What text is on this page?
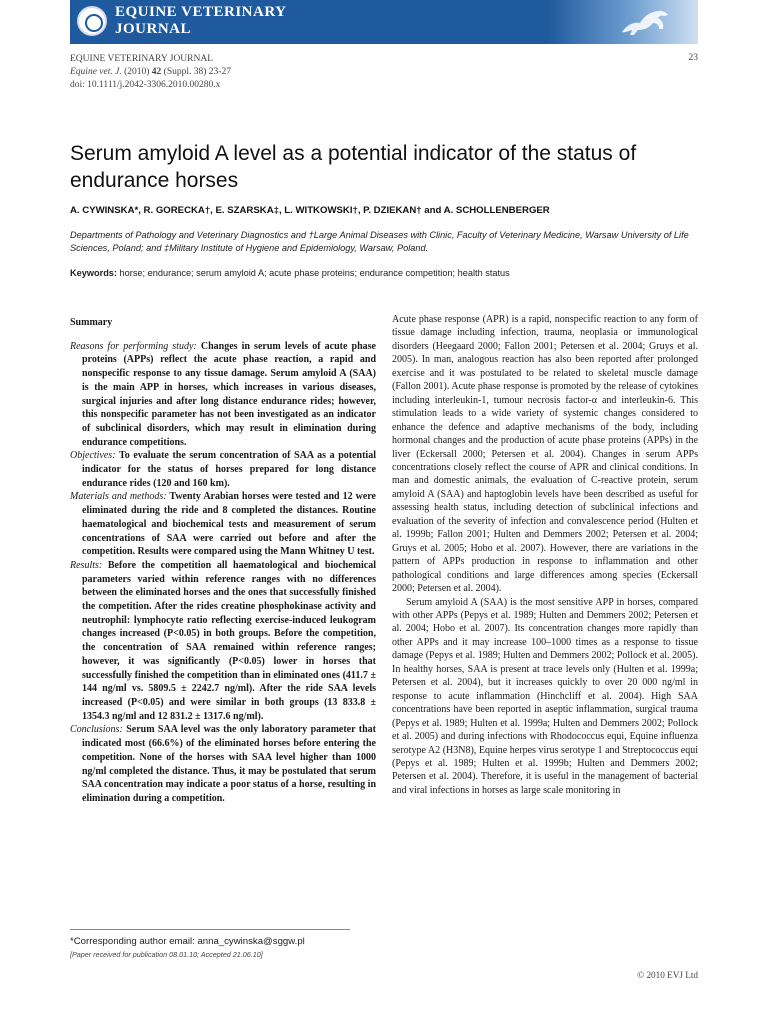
EQUINE VETERINARY
JOURNAL
EQUINE VETERINARY JOURNAL
Equine vet. J. (2010) 42 (Suppl. 38) 23-27
doi: 10.1111/j.2042-3306.2010.00280.x
23
Serum amyloid A level as a potential indicator of the status of endurance horses
A. CYWINSKA*, R. GORECKA†, E. SZARSKA‡, L. WITKOWSKI†, P. DZIEKAN† and A. SCHOLLENBERGER
Departments of Pathology and Veterinary Diagnostics and †Large Animal Diseases with Clinic, Faculty of Veterinary Medicine, Warsaw University of Life Sciences, Poland; and ‡Military Institute of Hygiene and Epidemiology, Warsaw, Poland.
Keywords: horse; endurance; serum amyloid A; acute phase proteins; endurance competition; health status
Summary

Reasons for performing study: Changes in serum levels of acute phase proteins (APPs) reflect the acute phase reaction, a rapid and nonspecific response to any tissue damage. Serum amyloid A (SAA) is the main APP in horses, which increases in various diseases, surgical injuries and after long distance endurance rides; however, this nonspecific parameter has not been investigated as an indicator of subclinical disorders, which may result in elimination during endurance competitions.

Objectives: To evaluate the serum concentration of SAA as a potential indicator for the status of horses prepared for long distance endurance rides (120 and 160 km).

Materials and methods: Twenty Arabian horses were tested and 12 were eliminated during the ride and 8 completed the distances. Routine haematological and biochemical tests and measurement of serum concentrations of SAA were carried out before and after the competition. Results were compared using the Mann Whitney U test.

Results: Before the competition all haematological and biochemical parameters varied within reference ranges with no differences between the eliminated horses and the ones that successfully finished the competition. After the rides creatine phosphokinase activity and neutrophil: lymphocyte ratio reflecting exercise-induced leukogram changes increased (P<0.05) in both groups. Before the competition, the concentration of SAA remained within reference ranges; however, it was significantly (P<0.05) lower in horses that successfully finished the competition than in eliminated ones (411.7 ± 144 ng/ml vs. 5809.5 ± 2242.7 ng/ml). After the ride SAA levels increased (P<0.05) and were similar in both groups (13 833.8 ± 1354.3 ng/ml and 12 831.2 ± 1317.6 ng/ml).

Conclusions: Serum SAA level was the only laboratory parameter that indicated most (66.6%) of the eliminated horses before entering the competition. None of the horses with SAA level higher than 1000 ng/ml completed the distance. Thus, it may be postulated that serum SAA concentration may indicate a poor status of a horse, resulting in elimination during a competition.

Acute phase response (APR) is a rapid, nonspecific reaction to any form of tissue damage including infection, trauma, neoplasia or immunological disorders (Heegaard 2000; Fallon 2001; Petersen et al. 2004; Gruys et al. 2005). In man, analogous reaction has also been reported after prolonged exercise and it was postulated to be related to skeletal muscle damage (Fallon 2001). Acute phase response is promoted by the release of cytokines including interleukin-1, tumour necrosis factor-α and interleukin-6. This stimulation leads to a wide variety of systemic changes considered to enhance the defence and adaptive mechanisms of the body, including hormonal changes and the production of acute phase proteins (APPs) in the liver (Eckersall 2000; Petersen et al. 2004). Changes in serum APPs concentrations closely reflect the course of APR and clinical conditions. In man and domestic animals, the evaluation of C-reactive protein, serum amyloid A (SAA) and haptoglobin levels have been described as useful for assessing health status, including detection of subclinical infections and evaluation of the severity of infection and convalescence period (Hulten et al. 1999b; Fallon 2001; Hulten and Demmers 2002; Petersen et al. 2004; Gruys et al. 2005; Hobo et al. 2007). However, there are variations in the pattern of APPs production in response to inflammation and other pathological conditions and large differences among species (Eckersall 2000; Petersen et al. 2004).

Serum amyloid A (SAA) is the most sensitive APP in horses, compared with other APPs (Pepys et al. 1989; Hulten and Demmers 2002; Petersen et al. 2004; Hobo et al. 2007). Its concentration changes more rapidly than other APPs and it may increase 100–1000 times as a response to tissue damage (Pepys et al. 1989; Hulten and Demmers 2002; Pollock et al. 2005). In healthy horses, SAA is present at trace levels only (Hulten et al. 1999a; Petersen et al. 2004), but it increases quickly to over 20 000 ng/ml in response to acute inflammation (Hinchcliff et al. 2004). High SAA concentrations have been reported in aseptic inflammation, surgical trauma (Pepys et al. 1989; Hulten et al. 1999a; Hulten and Demmers 2002; Pollock et al. 2005) and during infections with Rhodococcus equi, Equine influenza serotype A2 (H3N8), Equine herpes virus serotype 1 and Streptococcus equi (Pepys et al. 1989; Hulten et al. 1999b; Hulten and Demmers 2002; Petersen et al. 2004). Therefore, it is useful in the management of bacterial and viral infections in horses as large scale monitoring in

*Corresponding author email: anna_cywinska@sggw.pl
[Paper received for publication 08.01.10; Accepted 21.06.10]
© 2010 EVJ Ltd
